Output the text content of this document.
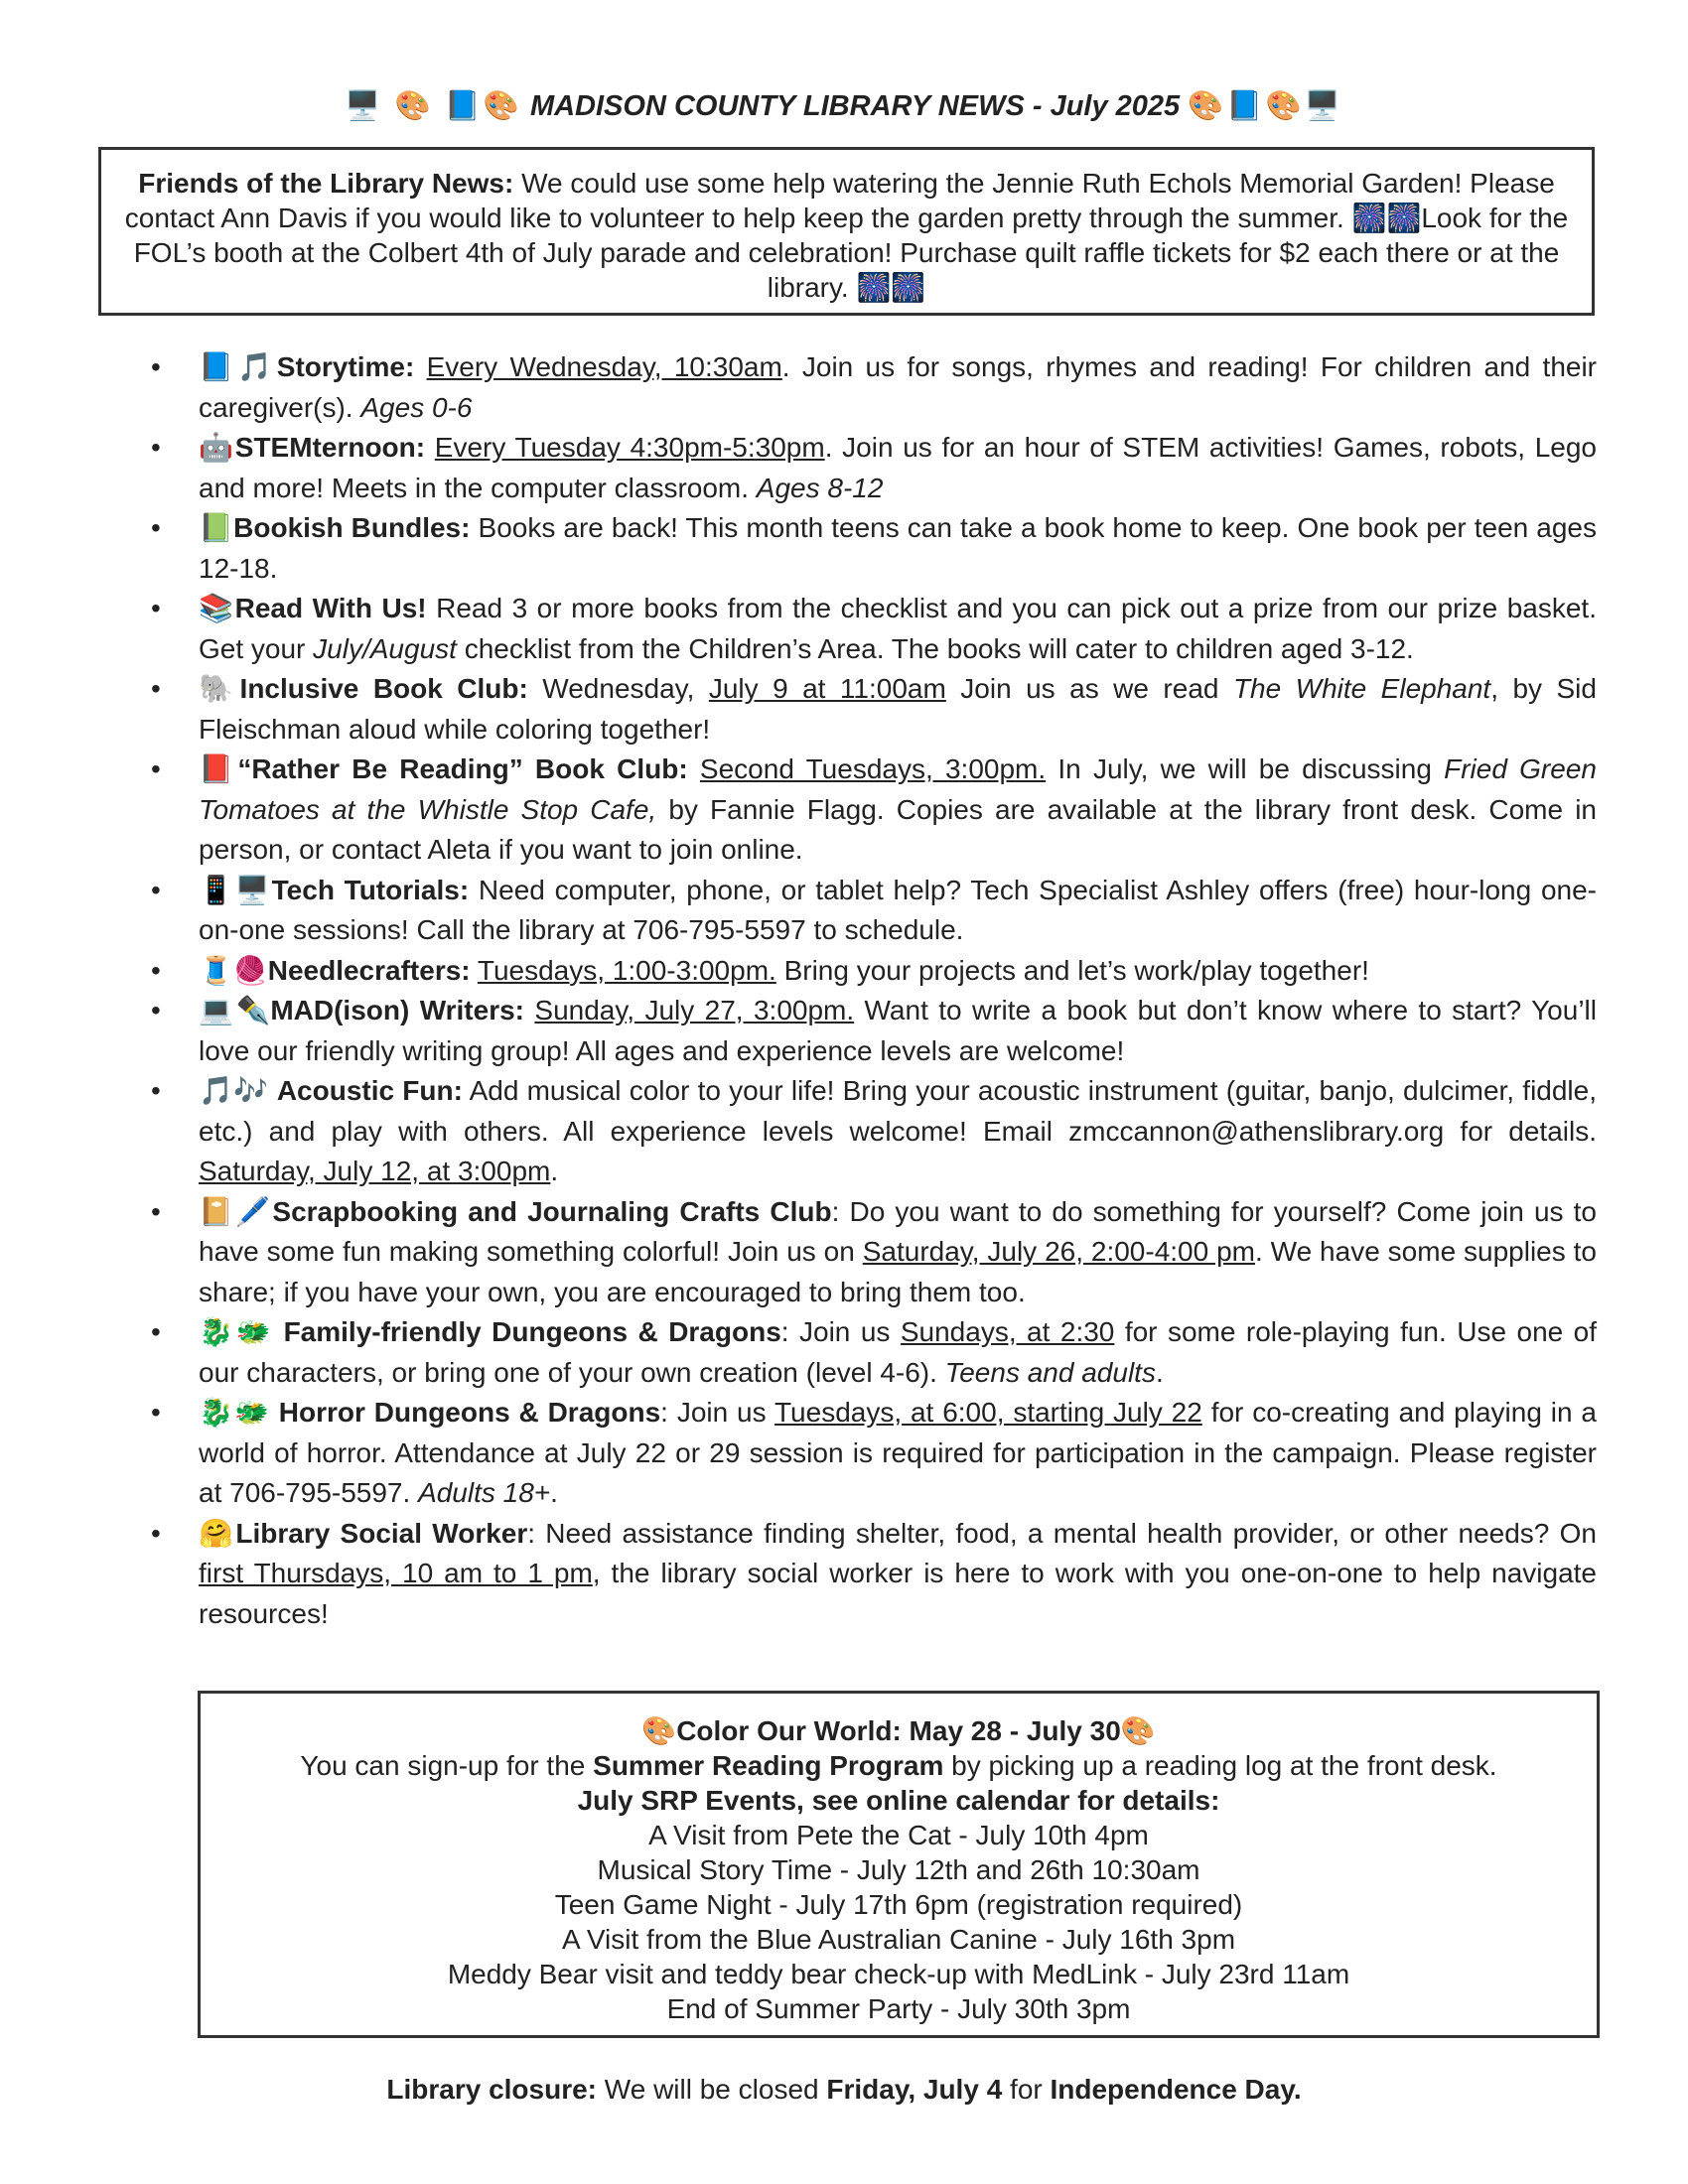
🖥️ 🎨 📘🎨 MADISON COUNTY LIBRARY NEWS - July 2025 🎨📘🎨🖥️
Friends of the Library News: We could use some help watering the Jennie Ruth Echols Memorial Garden! Please contact Ann Davis if you would like to volunteer to help keep the garden pretty through the summer. 🎆🎆Look for the FOL’s booth at the Colbert 4th of July parade and celebration! Purchase quilt raffle tickets for $2 each there or at the library. 🎆🎆
• 📘🎵Storytime: Every Wednesday, 10:30am. Join us for songs, rhymes and reading! For children and their caregiver(s). Ages 0-6
• 🤖STEMternoon: Every Tuesday 4:30pm-5:30pm. Join us for an hour of STEM activities! Games, robots, Lego and more! Meets in the computer classroom. Ages 8-12
• 📗Bookish Bundles: Books are back! This month teens can take a book home to keep. One book per teen ages 12-18.
• 📚Read With Us! Read 3 or more books from the checklist and you can pick out a prize from our prize basket. Get your July/August checklist from the Children’s Area. The books will cater to children aged 3-12.
• 🐘Inclusive Book Club: Wednesday, July 9 at 11:00am Join us as we read The White Elephant, by Sid Fleischman aloud while coloring together!
• 📕“Rather Be Reading” Book Club: Second Tuesdays, 3:00pm. In July, we will be discussing Fried Green Tomatoes at the Whistle Stop Cafe, by Fannie Flagg. Copies are available at the library front desk. Come in person, or contact Aleta if you want to join online.
• 📱🖥️Tech Tutorials: Need computer, phone, or tablet help? Tech Specialist Ashley offers (free) hour-long one-on-one sessions! Call the library at 706-795-5597 to schedule.
• 🧵🧶Needlecrafters: Tuesdays, 1:00-3:00pm. Bring your projects and let’s work/play together!
• 💻✒️MAD(ison) Writers: Sunday, July 27, 3:00pm. Want to write a book but don’t know where to start? You’ll love our friendly writing group! All ages and experience levels are welcome!
• 🎵🎶 Acoustic Fun: Add musical color to your life! Bring your acoustic instrument (guitar, banjo, dulcimer, fiddle, etc.) and play with others. All experience levels welcome! Email zmccannon@athenslibrary.org for details. Saturday, July 12, at 3:00pm.
• 📔🖊️Scrapbooking and Journaling Crafts Club: Do you want to do something for yourself? Come join us to have some fun making something colorful! Join us on Saturday, July 26, 2:00-4:00 pm. We have some supplies to share; if you have your own, you are encouraged to bring them too.
• 🐉🐲 Family-friendly Dungeons & Dragons: Join us Sundays, at 2:30 for some role-playing fun. Use one of our characters, or bring one of your own creation (level 4-6). Teens and adults.
• 🐉🐲 Horror Dungeons & Dragons: Join us Tuesdays, at 6:00, starting July 22 for co-creating and playing in a world of horror. Attendance at July 22 or 29 session is required for participation in the campaign. Please register at 706-795-5597. Adults 18+.
• 🤗Library Social Worker: Need assistance finding shelter, food, a mental health provider, or other needs? On first Thursdays, 10 am to 1 pm, the library social worker is here to work with you one-on-one to help navigate resources!
🎨Color Our World: May 28 - July 30🎨
You can sign-up for the Summer Reading Program by picking up a reading log at the front desk.
July SRP Events, see online calendar for details:
A Visit from Pete the Cat - July 10th 4pm
Musical Story Time - July 12th and 26th 10:30am
Teen Game Night - July 17th 6pm (registration required)
A Visit from the Blue Australian Canine - July 16th 3pm
Meddy Bear visit and teddy bear check-up with MedLink - July 23rd 11am
End of Summer Party - July 30th 3pm
Library closure: We will be closed Friday, July 4 for Independence Day.
